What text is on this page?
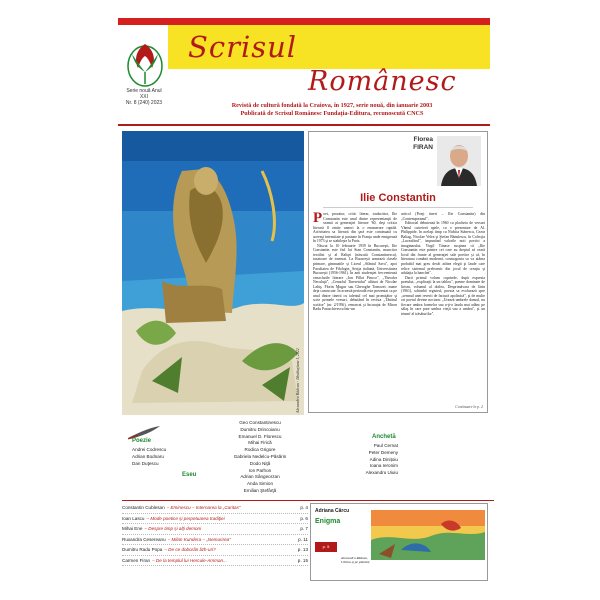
Scrisul
Românesc
Serie nouă Anul XXI
Nr. 8 (240) 2023	Revistă de cultură fondată la Craiova, în 1927, serie nouă, din ianuarie 2003
Publicată de Scrisul Românesc Fundaţia-Editura, recunoscută CNCS
Alexandru Rădvan - Meditaţiune I, 2022
Florea
FIRAN
Ilie Constantin
P oet, prozator, critic literar, traducător, Ilie Constantin este unul dintre reprezentanţii de seamă ai generaţiei literare '60, deşi critica literară îl omite uneori la o enumerare rapidă. Activitatea sa literară din ţară este continuată cu aceeaşi intensitate şi pasiune în Franţa unde emigrează în 1973 şi se stabileşte la Paris.

Născut la 10 februarie 1939 în Bucureşti, Ilie Constantin este fiul lui Stan Constantin, muncitor textilist şi al Raliţei (născută Constantinescu), taxatoare de tramvai. La Bucureşti urmează clasele primare, gimnaziile şi Liceul „Sfântul Sava", apoi Facultatea de Filologie, Secţia italiană, Universitatea Bucureşti (1956-1961). În anii studenţiei frecventează cenaclurile literare „Ion Pillat Pincco", „Theodor Neculuţă", „Cenaclul Tineretului" alături de Nicolae Labiş, Florin Mugur sau Gheorghe Tomozei, nume deja cunoscute. În această perioadă este prezentat ca pe unul dintre tinerii cu talentul cel mai promiţător şi scrie primele versuri, debutând în revista „Tânărul scriitor" (nr. 2/1956), remarcat şi încurajat de Miron Radu Paraschivescu într-un

articol (Poeţi tineri – Ilie Constantin) din „Contemporanul".

Editorial debutează în 1960 cu plachetа de versuri Vântul cutreieră apele, cu o prezentare de Al. Philippide, în acelaşi timp cu Nichita Stănescu, Cezar Baltag, Nicolae Velea şi Ştefan Bănulescu, în Colecţia „Luceafărul", impunând valorile noii poetici a imaginarului. Virgil Tănase susţinea că „Ilie Constantin este printre cei care au dreptul să ceară locul din frunte al generaţiei sale poetice şi că, în literatura română modernă, cosmogonia sa va atârna probabil mai greu decât atâtea elegii şi laude care relicе sistemul prelearnic din jocul de creaţia şi adulaţia la banchet".

Dacă primul volum cuprinde, după expresia poetului, „explicaţii la un tablou", poeme dominate de lirism, volumul al doilea, Desprimăvara de lărin (1961), schimbă registrul, poezia sa evoluează spre „semnul unei reverii de factură apolinică", şi de multe ori poetul devine nocturn: „Urează umbrele dansul, nu fiecare umbra formelor sau a-ţi-o lauda mai adânc pe sălaş în care pare umbra vieţii sau a umbra", şi un triumf al trăsăturilor".

Continuare în p. 2
Poezie
Andrei Codrescu
Adrian Bodnaru
Dan Duţescu
Eseu
Geo Constantinescu
Dumitru Drincoianu
Emanuel D. Florescu
Mihai Firică
Rodica Grigore
Gabriela Nedelcu-Păsărin
Dodo Niţă
Ion Parhon
Adrian Sângeorzan
Anda Simion
Emilian Ştefârţă
Anchetă
Paul Cernat
Peter Demeny
Adina Dinițoiu
Ioana Ieronim
Alexandru Uiuiu
Constantin Cublesan – Eminescu – Internarea la „Caritas"	p. 4
Ioan Lascu – Mode poetice şi perpetuarea tradiţiei	p. 6
Mihai Ene – Despre timp şi alţi demoni	p. 7
Ruxandra Cesereanu – Milan Kundera – „Nemurirea"	p. 11
Dumitru Radu Popa – De ce doborân lizh-uri?	p. 13
Carmen Firan – De la templul lui Hercule-Amman...	p. 15
Adriana Cârcu
Enigma
p. 5
Alexandru Rădvan, Ultima şi pe pământ
